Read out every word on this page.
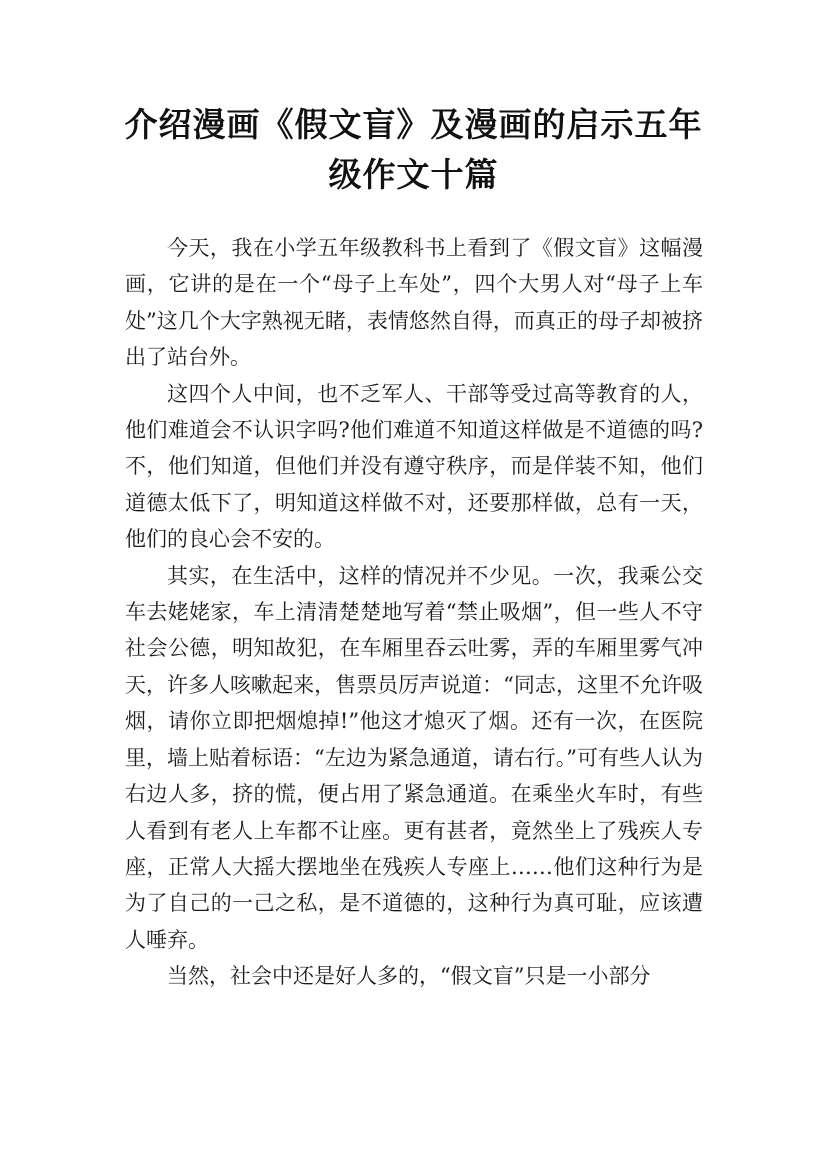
介绍漫画《假文盲》及漫画的启示五年级作文十篇

今天，我在小学五年级教科书上看到了《假文盲》这幅漫画，它讲的是在一个“母子上车处”，四个大男人对“母子上车处”这几个大字熟视无睹，表情悠然自得，而真正的母子却被挤出了站台外。

这四个人中间，也不乏军人、干部等受过高等教育的人，他们难道会不认识字吗?他们难道不知道这样做是不道德的吗?不，他们知道，但他们并没有遵守秩序，而是佯装不知，他们道德太低下了，明知道这样做不对，还要那样做，总有一天，他们的良心会不安的。

其实，在生活中，这样的情况并不少见。一次，我乘公交车去姥姥家，车上清清楚楚地写着“禁止吸烟”，但一些人不守社会公德，明知故犯，在车厢里吞云吐雾，弄的车厢里雾气冲天，许多人咳嗽起来，售票员厉声说道：“同志，这里不允许吸烟，请你立即把烟熄掉!”他这才熄灭了烟。还有一次，在医院里，墙上贴着标语：“左边为紧急通道，请右行。”可有些人认为右边人多，挤的慌，便占用了紧急通道。在乘坐火车时，有些人看到有老人上车都不让座。更有甚者，竟然坐上了残疾人专座，正常人大摇大摆地坐在残疾人专座上……他们这种行为是为了自己的一己之私，是不道德的，这种行为真可耻，应该遭人唾弃。

当然，社会中还是好人多的，“假文盲”只是一小部分
